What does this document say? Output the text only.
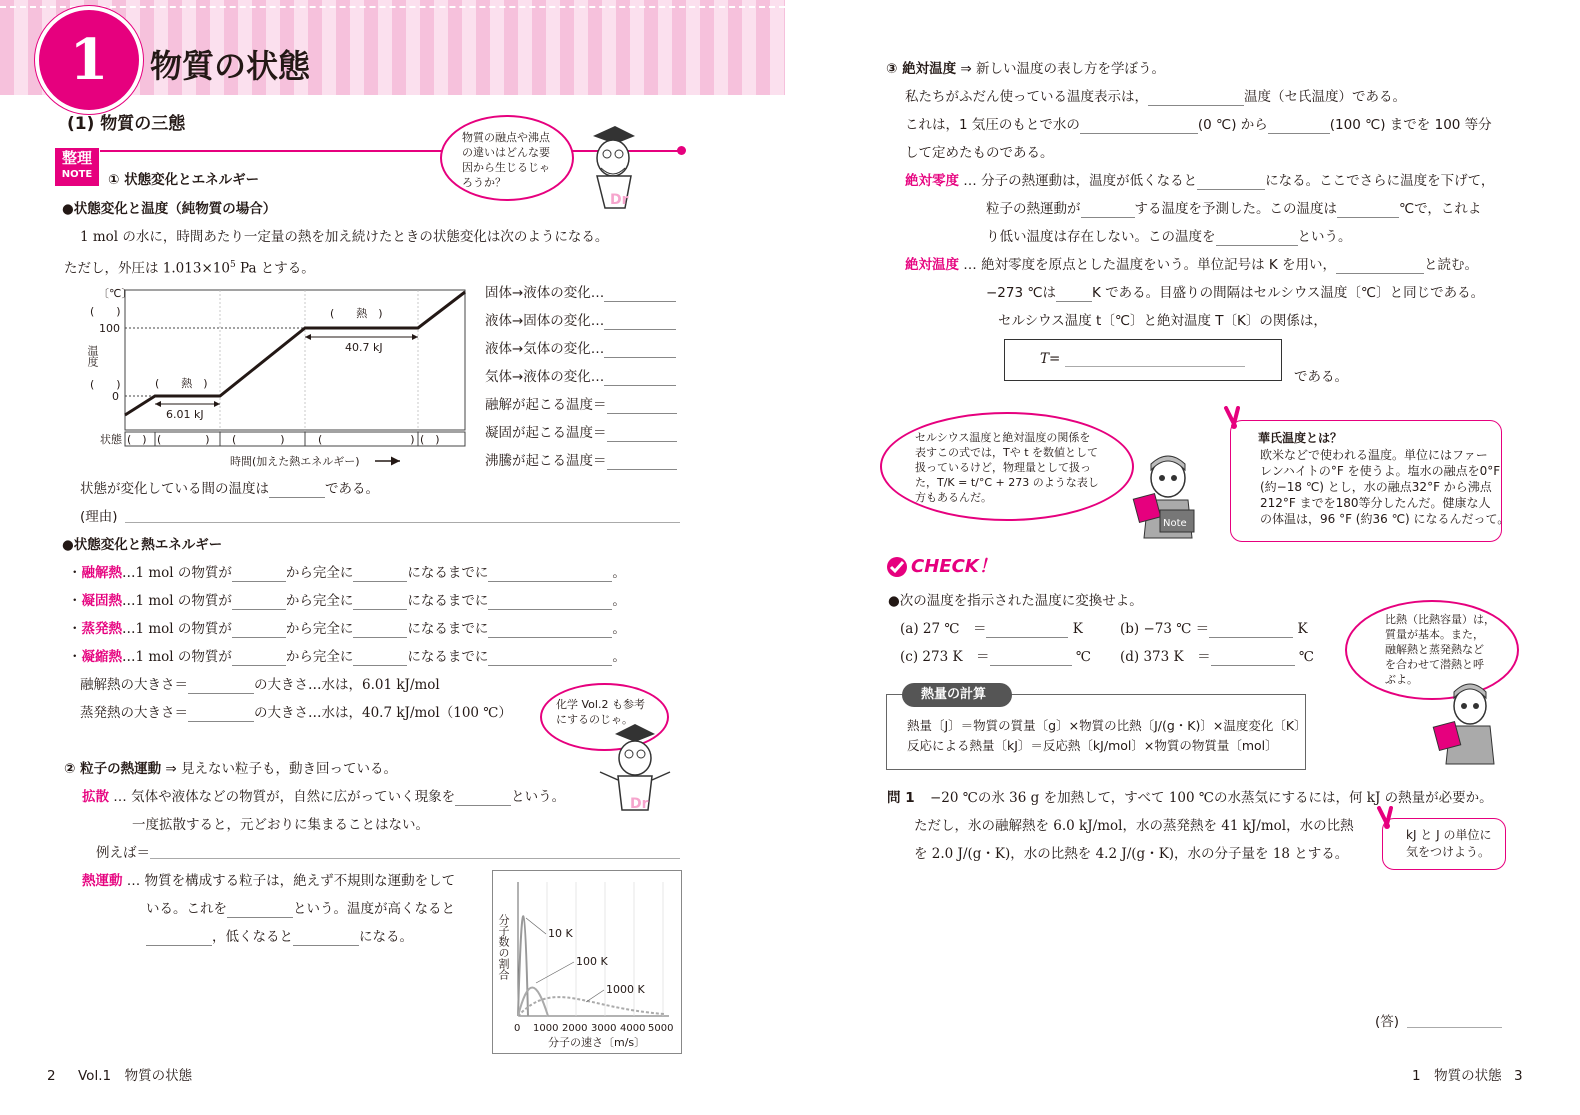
1 物質の状態
(1) 物質の三態
整理
NOTE	① 状態変化とエネルギー
物質の融点や沸点
の違いはどんな要
因から生じるじゃ
ろうか？
Dr
●状態変化と温度（純物質の場合）
1 mol の水に，時間あたり一定量の熱を加え続けたときの状態変化は次のようになる。
ただし，外圧は $1.013\times 10^5$ Pa とする。
〔℃〕
(　　)
100
温度
(　　)
0
(　　熱　)
6.01 kJ
(　　熱　)
40.7 kJ
状態 (　) (　　　　) (　　　　)	(　　　　　　　　) (　)
時間(加えた熱エネルギー)
固体→液体の変化…
液体→固体の変化…
液体→気体の変化…
気体→液体の変化…
融解が起こる温度＝
凝固が起こる温度＝
沸騰が起こる温度＝
状態が変化している間の温度は	である。
(理由)
●状態変化と熱エネルギー
・融解熱…1 mol の物質が	から完全に	になるまでに	。
・凝固熱…1 mol の物質が	から完全に	になるまでに	。
・蒸発熱…1 mol の物質が	から完全に	になるまでに	。
・凝縮熱…1 mol の物質が	から完全に	になるまでに	。
融解熱の大きさ＝	の大きさ…水は，6.01 kJ/mol
蒸発熱の大きさ＝	の大きさ…水は，40.7 kJ/mol（100 ℃）
化学 Vol.2 も参考
にするのじゃ。
Dr
② 粒子の熱運動 ⇒ 見えない粒子も，動き回っている。
拡散 … 気体や液体などの物質が，自然に広がっていく現象を	という。
一度拡散すると，元どおりに集まることはない。
例えば＝
熱運動 … 物質を構成する粒子は，絶えず不規則な運動をして
いる。これを	という。温度が高くなると
，低くなると	になる。	分子数の割合	10 K
100 K
1000 K
0 1000 2000 3000 4000 5000
分子の速さ〔m/s〕
2 Vol.1　物質の状態
③ 絶対温度 ⇒ 新しい温度の表し方を学ぼう。
私たちがふだん使っている温度表示は，	温度（セ氏温度）である。
これは，1 気圧のもとで水の	(0 ℃) から	(100 ℃) までを 100 等分
して定めたものである。
絶対零度 … 分子の熱運動は，温度が低くなると	になる。ここでさらに温度を下げて，
粒子の熱運動が	する温度を予測した。この温度は	℃で，これよ
り低い温度は存在しない。この温度を	という。
絶対温度 … 絶対零度を原点とした温度をいう。単位記号は K を用い，	と読む。
−273 ℃は	K である。目盛りの間隔はセルシウス温度〔℃〕と同じである。
セルシウス温度 t〔℃〕と絶対温度 T〔K〕の関係は，
T=
である。
セルシウス温度と絶対温度の関係を
表すこの式では，Tや t を数値として
扱っているけど，物理量として扱っ
た，T/K = t/°C + 273 のような表し
方もあるんだ。
Note
華氏温度とは？
欧米などで使われる温度。単位にはファー
レンハイトの°F を使うよ。塩水の融点を0°F
(約−18 ℃) とし，水の融点32°F から沸点
212°F までを180等分したんだ。健康な人
の体温は，96 °F (約36 ℃) になるんだって。
CHECK！
●次の温度を指示された温度に変換せよ。
(a) 27 ℃　＝	K	(b) −73 ℃ ＝	K
(c) 273 K　＝	℃ (d) 373 K　＝	℃
比熱（比熱容量）は，
質量が基本。また，
融解熱と蒸発熱など
を合わせて潜熱と呼
ぶよ。
熱量の計算
熱量〔J〕＝物質の質量〔g〕×物質の比熱〔J/(g・K)〕×温度変化〔K〕
反応による熱量〔kJ〕＝反応熱〔kJ/mol〕×物質の物質量〔mol〕
問 1 −20 ℃の氷 36 g を加熱して，すべて 100 ℃の水蒸気にするには，何 kJ の熱量が必要か。
ただし，氷の融解熱を 6.0 kJ/mol，水の蒸発熱を 41 kJ/mol，水の比熱
を 2.0 J/(g・K)，水の比熱を 4.2 J/(g・K)，水の分子量を 18 とする。
kJ と J の単位に
気をつけよう。
(答)
1　物質の状態 3
